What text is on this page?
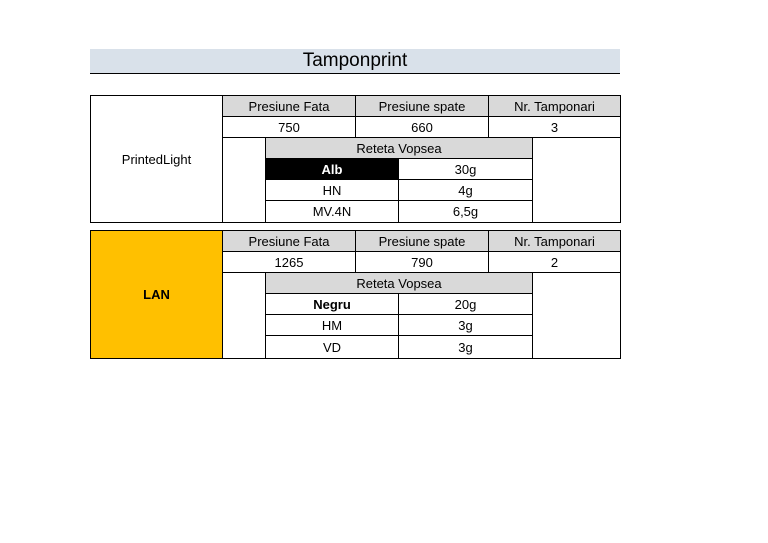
Tamponprint
PrintedLight
Presiune Fata	Presiune spate	Nr. Tamponari
750	660	3
Reteta Vopsea
Alb	30g
HN	4g
MV.4N	6,5g
LAN
Presiune Fata	Presiune spate	Nr. Tamponari
1265	790	2
Reteta Vopsea
Negru	20g
HM	3g
VD	3g
